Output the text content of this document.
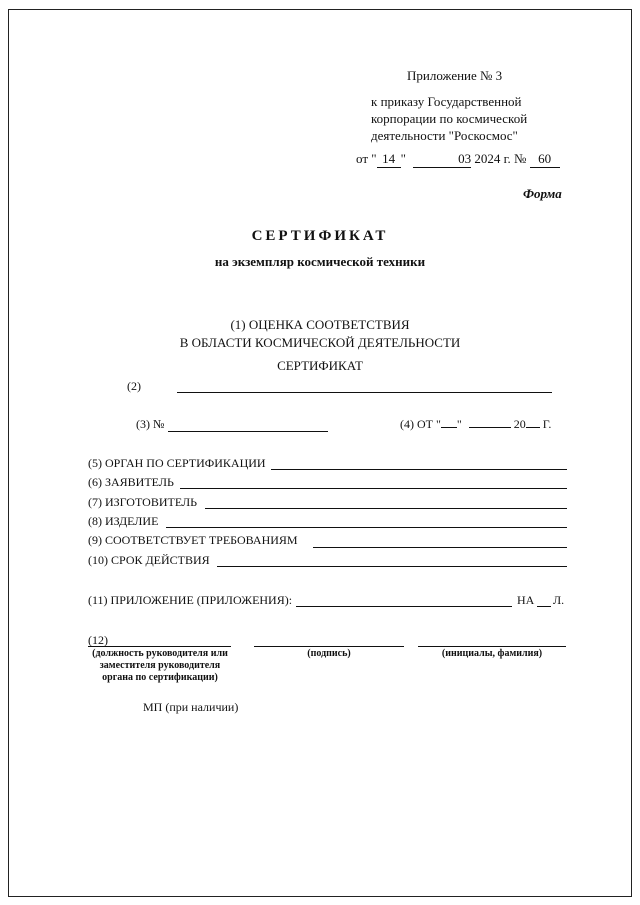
Приложение № 3
к приказу Государственной
корпорации по космической
деятельности "Роскосмос"
от " 14 "	03 2024 г. № 60
Форма
СЕРТИФИКАТ
на экземпляр космической техники
(1) ОЦЕНКА СООТВЕТСТВИЯ
В ОБЛАСТИ КОСМИЧЕСКОЙ ДЕЯТЕЛЬНОСТИ
СЕРТИФИКАТ
(2)
(3) №	(4) ОТ " "	20 Г.
(5) ОРГАН ПО СЕРТИФИКАЦИИ
(6) ЗАЯВИТЕЛЬ
(7) ИЗГОТОВИТЕЛЬ
(8) ИЗДЕЛИЕ
(9) СООТВЕТСТВУЕТ ТРЕБОВАНИЯМ
(10) СРОК ДЕЙСТВИЯ
(11) ПРИЛОЖЕНИЕ (ПРИЛОЖЕНИЯ):	НА Л.
(12)
(должность руководителя или заместителя руководителя органа по сертификации)
(подпись)	(инициалы, фамилия)
МП (при наличии)
